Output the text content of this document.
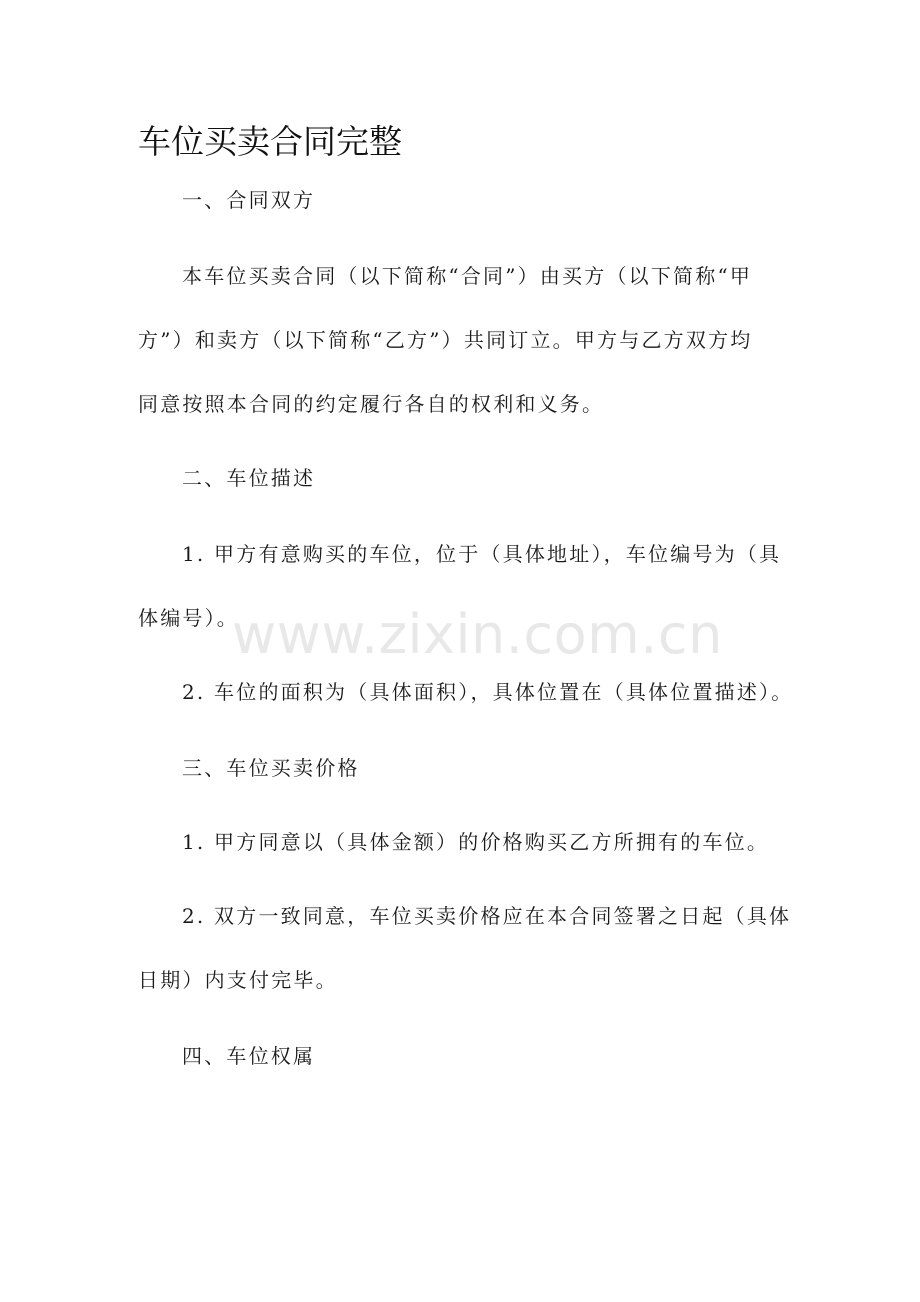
车位买卖合同完整

一、合同双方

本车位买卖合同（以下简称“合同”）由买方（以下简称“甲

方”）和卖方（以下简称“乙方”）共同订立。甲方与乙方双方均

同意按照本合同的约定履行各自的权利和义务。

二、车位描述

1. 甲方有意购买的车位，位于（具体地址），车位编号为（具

体编号）。

2. 车位的面积为（具体面积），具体位置在（具体位置描述）。

三、车位买卖价格

1. 甲方同意以（具体金额）的价格购买乙方所拥有的车位。

2. 双方一致同意，车位买卖价格应在本合同签署之日起（具体

日期）内支付完毕。

四、车位权属

www.zixin.com.cn
